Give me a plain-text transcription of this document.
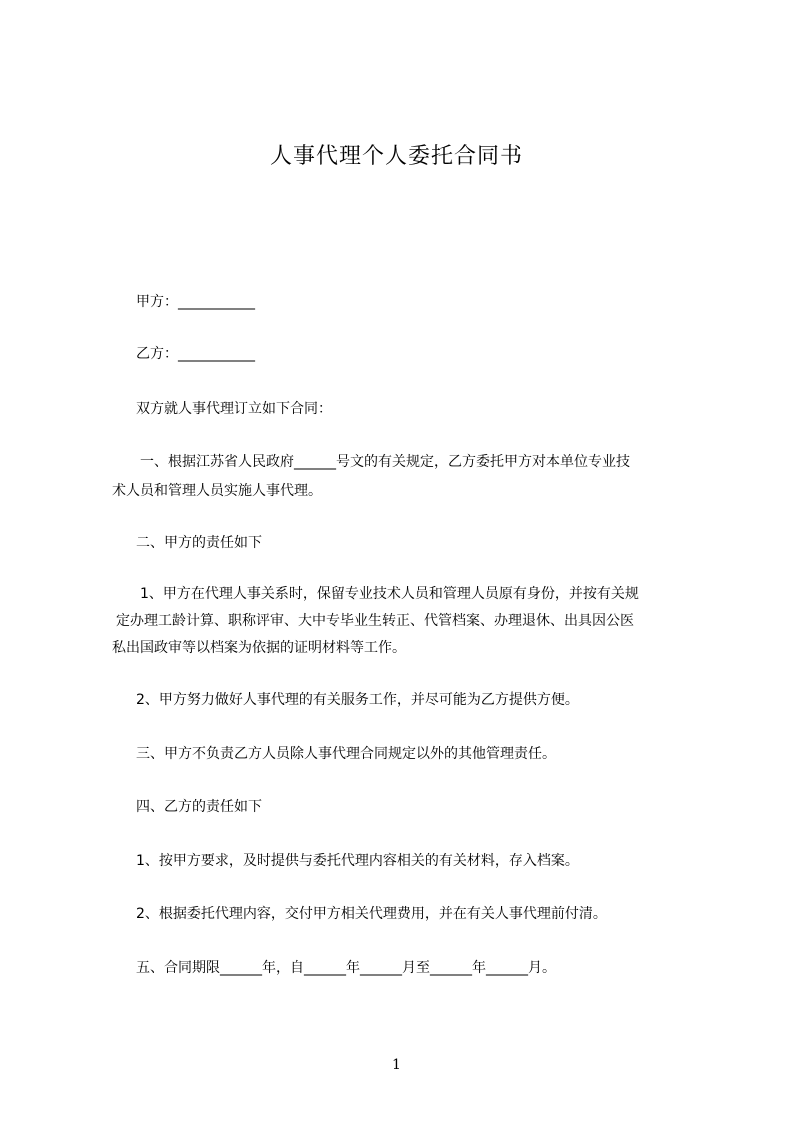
人事代理个人委托合同书
甲方：___________
乙方：___________
双方就人事代理订立如下合同：
一、根据江苏省人民政府______号文的有关规定，乙方委托甲方对本单位专业技
术人员和管理人员实施人事代理。
二、甲方的责任如下
1、甲方在代理人事关系时，保留专业技术人员和管理人员原有身份，并按有关规
定办理工龄计算、职称评审、大中专毕业生转正、代管档案、办理退休、出具因公医
私出国政审等以档案为依据的证明材料等工作。
2、甲方努力做好人事代理的有关服务工作，并尽可能为乙方提供方便。
三、甲方不负责乙方人员除人事代理合同规定以外的其他管理责任。
四、乙方的责任如下
1、按甲方要求，及时提供与委托代理内容相关的有关材料，存入档案。
2、根据委托代理内容，交付甲方相关代理费用，并在有关人事代理前付清。
五、合同期限______年，自______年______月至______年______月。
1
